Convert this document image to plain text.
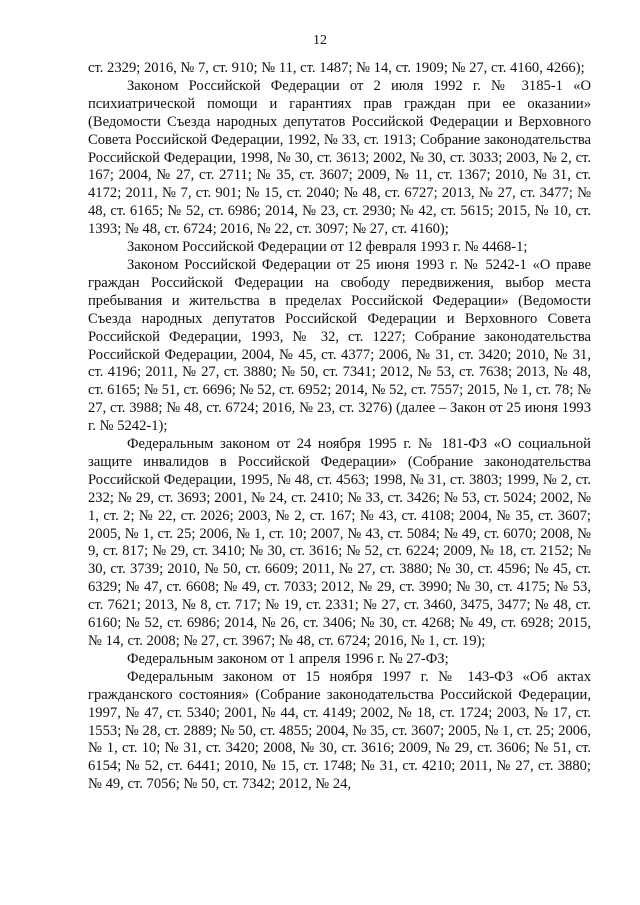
12

ст. 2329; 2016, № 7, ст. 910; № 11, ст. 1487; № 14, ст. 1909; № 27, ст. 4160, 4266);

Законом Российской Федерации от 2 июля 1992 г. № 3185-1 «О психиатрической помощи и гарантиях прав граждан при ее оказании» (Ведомости Съезда народных депутатов Российской Федерации и Верховного Совета Российской Федерации, 1992, № 33, ст. 1913; Собрание законодательства Российской Федерации, 1998, № 30, ст. 3613; 2002, № 30, ст. 3033; 2003, № 2, ст. 167; 2004, № 27, ст. 2711; № 35, ст. 3607; 2009, № 11, ст. 1367; 2010, № 31, ст. 4172; 2011, № 7, ст. 901; № 15, ст. 2040; № 48, ст. 6727; 2013, № 27, ст. 3477; № 48, ст. 6165; № 52, ст. 6986; 2014, № 23, ст. 2930; № 42, ст. 5615; 2015, № 10, ст. 1393; № 48, ст. 6724; 2016, № 22, ст. 3097; № 27, ст. 4160);

Законом Российской Федерации от 12 февраля 1993 г. № 4468-1;

Законом Российской Федерации от 25 июня 1993 г. № 5242-1 «О праве граждан Российской Федерации на свободу передвижения, выбор места пребывания и жительства в пределах Российской Федерации» (Ведомости Съезда народных депутатов Российской Федерации и Верховного Совета Российской Федерации, 1993, № 32, ст. 1227; Собрание законодательства Российской Федерации, 2004, № 45, ст. 4377; 2006, № 31, ст. 3420; 2010, № 31, ст. 4196; 2011, № 27, ст. 3880; № 50, ст. 7341; 2012, № 53, ст. 7638; 2013, № 48, ст. 6165; № 51, ст. 6696; № 52, ст. 6952; 2014, № 52, ст. 7557; 2015, № 1, ст. 78; № 27, ст. 3988; № 48, ст. 6724; 2016, № 23, ст. 3276) (далее – Закон от 25 июня 1993 г. № 5242-1);

Федеральным законом от 24 ноября 1995 г. № 181-ФЗ «О социальной защите инвалидов в Российской Федерации» (Собрание законодательства Российской Федерации, 1995, № 48, ст. 4563; 1998, № 31, ст. 3803; 1999, № 2, ст. 232; № 29, ст. 3693; 2001, № 24, ст. 2410; № 33, ст. 3426; № 53, ст. 5024; 2002, № 1, ст. 2; № 22, ст. 2026; 2003, № 2, ст. 167; № 43, ст. 4108; 2004, № 35, ст. 3607; 2005, № 1, ст. 25; 2006, № 1, ст. 10; 2007, № 43, ст. 5084; № 49, ст. 6070; 2008, № 9, ст. 817; № 29, ст. 3410; № 30, ст. 3616; № 52, ст. 6224; 2009, № 18, ст. 2152; № 30, ст. 3739; 2010, № 50, ст. 6609; 2011, № 27, ст. 3880; № 30, ст. 4596; № 45, ст. 6329; № 47, ст. 6608; № 49, ст. 7033; 2012, № 29, ст. 3990; № 30, ст. 4175; № 53, ст. 7621; 2013, № 8, ст. 717; № 19, ст. 2331; № 27, ст. 3460, 3475, 3477; № 48, ст. 6160; № 52, ст. 6986; 2014, № 26, ст. 3406; № 30, ст. 4268; № 49, ст. 6928; 2015, № 14, ст. 2008; № 27, ст. 3967; № 48, ст. 6724; 2016, № 1, ст. 19);

Федеральным законом от 1 апреля 1996 г. № 27-ФЗ;

Федеральным законом от 15 ноября 1997 г. № 143-ФЗ «Об актах гражданского состояния» (Собрание законодательства Российской Федерации, 1997, № 47, ст. 5340; 2001, № 44, ст. 4149; 2002, № 18, ст. 1724; 2003, № 17, ст. 1553; № 28, ст. 2889; № 50, ст. 4855; 2004, № 35, ст. 3607; 2005, № 1, ст. 25; 2006, № 1, ст. 10; № 31, ст. 3420; 2008, № 30, ст. 3616; 2009, № 29, ст. 3606; № 51, ст. 6154; № 52, ст. 6441; 2010, № 15, ст. 1748; № 31, ст. 4210; 2011, № 27, ст. 3880; № 49, ст. 7056; № 50, ст. 7342; 2012, № 24,
